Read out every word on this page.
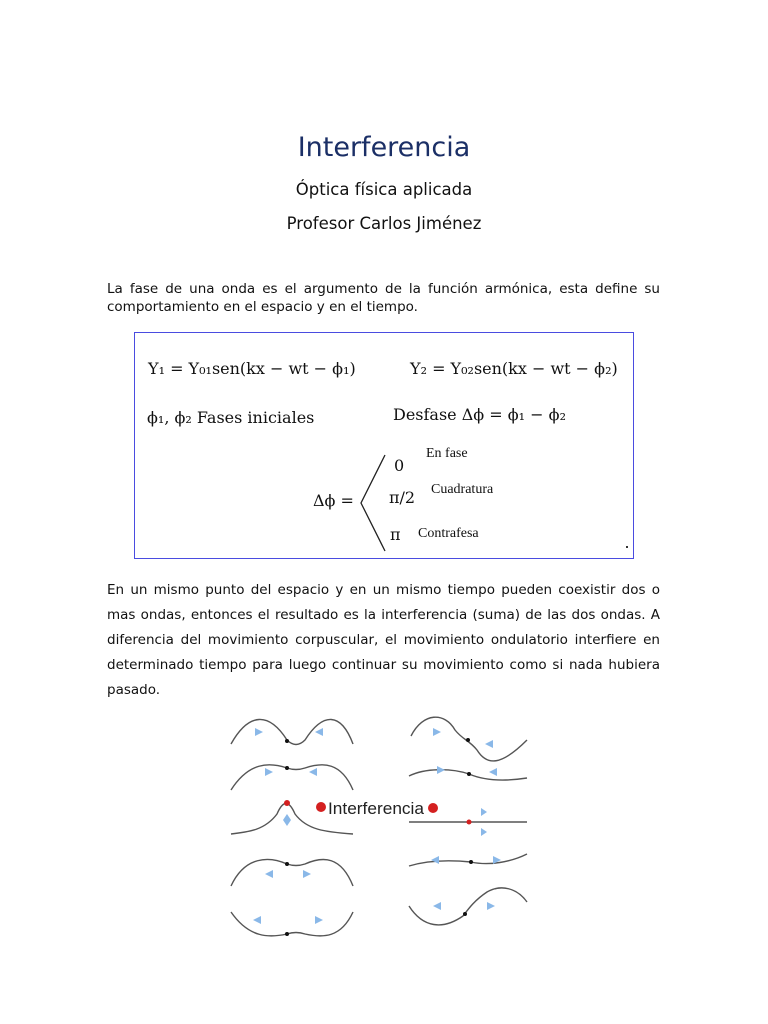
Interferencia
Óptica física aplicada
Profesor Carlos Jiménez

La fase de una onda es el argumento de la función armónica, esta define su comportamiento en el espacio y en el tiempo.

Y₁ = Y₀₁sen(kx − wt − ϕ₁)	Y₂ = Y₀₂sen(kx − wt − ϕ₂)
ϕ₁, ϕ₂ Fases iniciales	Desfase Δϕ = ϕ₁ − ϕ₂
Δϕ =
0
En fase
π/2 Cuadratura
π Contrafesa

En un mismo punto del espacio y en un mismo tiempo pueden coexistir dos o mas ondas, entonces el resultado es la interferencia (suma) de las dos ondas. A diferencia del movimiento corpuscular, el movimiento ondulatorio interfiere en determinado tiempo para luego continuar su movimiento como si nada hubiera pasado.

Interferencia
